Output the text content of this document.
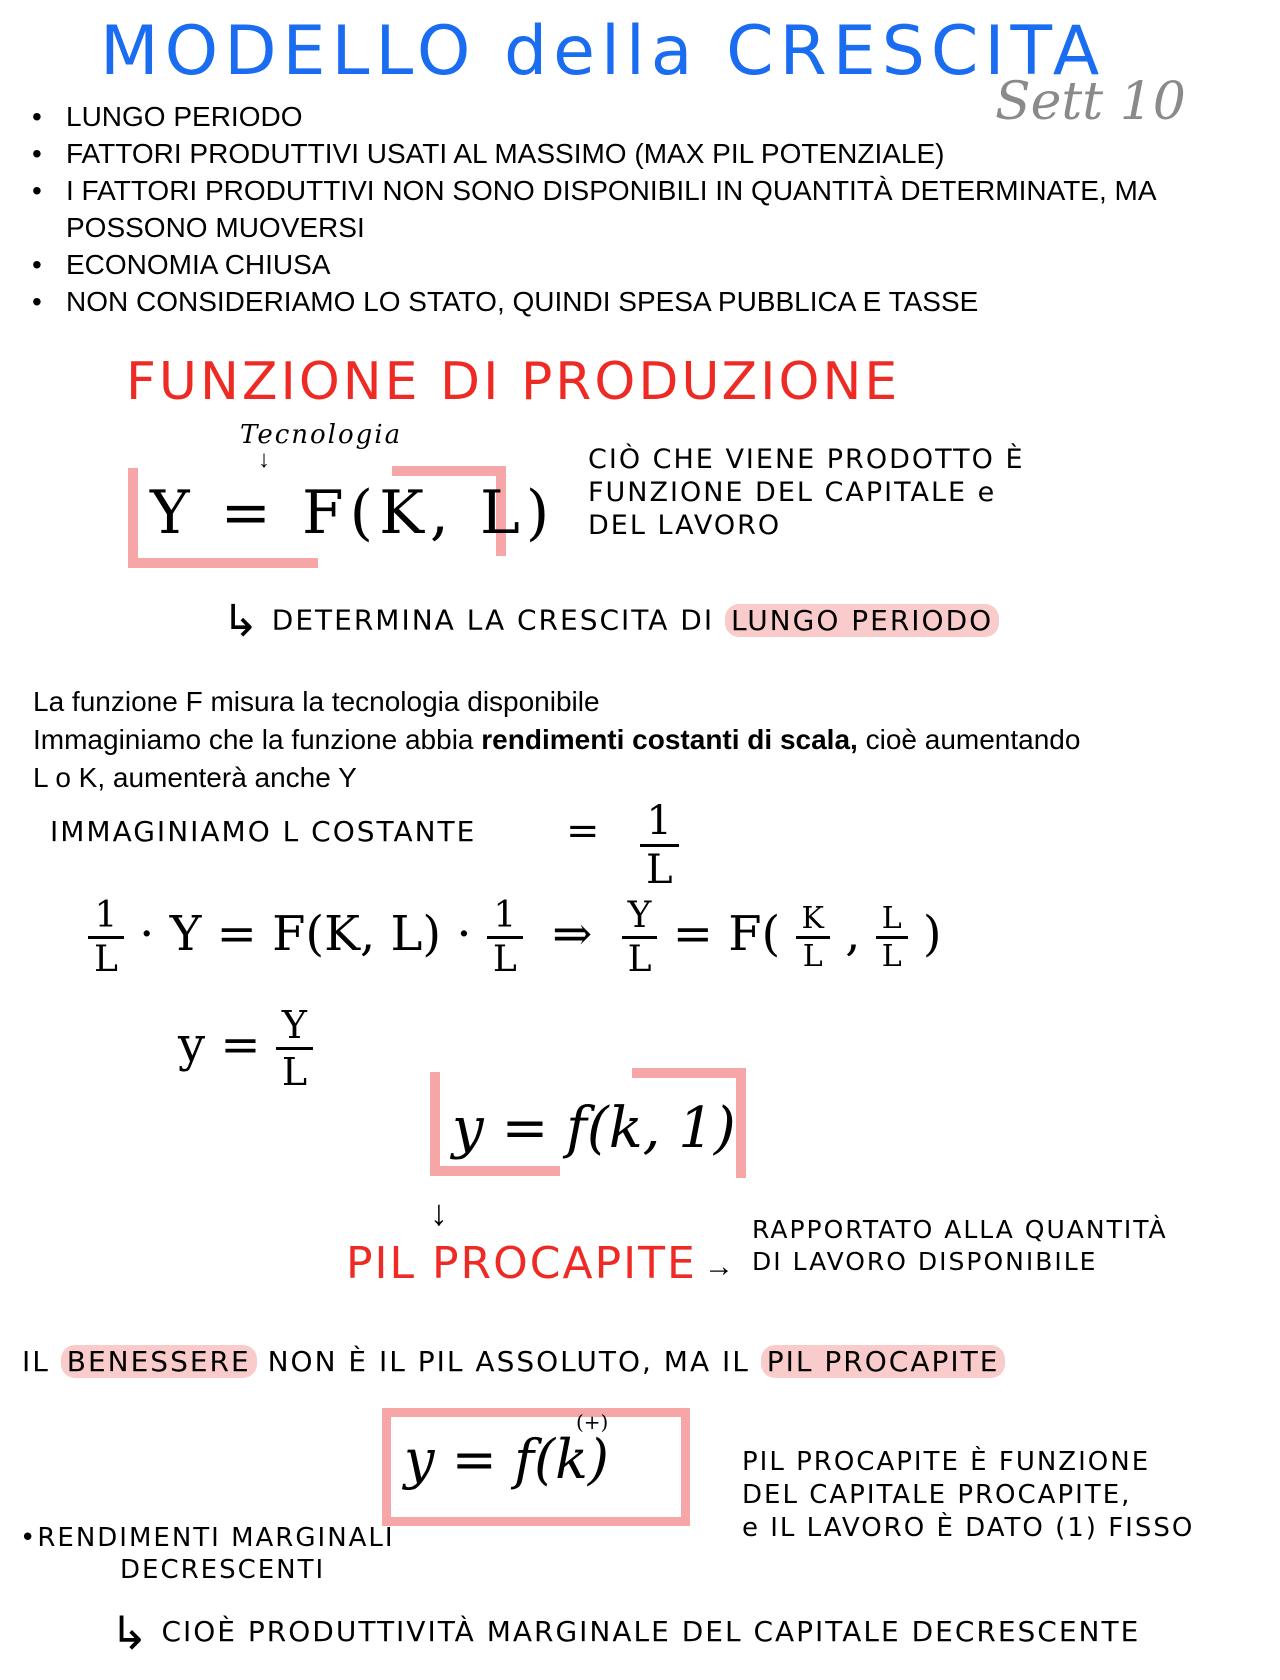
MODELLO della CRESCITA
Sett 10
• LUNGO PERIODO
• FATTORI PRODUTTIVI USATI AL MASSIMO (MAX PIL POTENZIALE)
• I FATTORI PRODUTTIVI NON SONO DISPONIBILI IN QUANTITÀ DETERMINATE, MA POSSONO MUOVERSI
• ECONOMIA CHIUSA
• NON CONSIDERIAMO LO STATO, QUINDI SPESA PUBBLICA E TASSE
FUNZIONE DI PRODUZIONE
Tecnologia
↓
Y = F(K, L)
CIÒ CHE VIENE PRODOTTO È
FUNZIONE DEL CAPITALE e
DEL LAVORO
↳ DETERMINA LA CRESCITA DI LUNGO PERIODO
La funzione F misura la tecnologia disponibile
Immaginiamo che la funzione abbia rendimenti costanti di scala, cioè aumentando
L o K, aumenterà anche Y
IMMAGINIAMO L COSTANTE = $\frac{1}{L}$
$\frac{1}{L} \cdot Y = F(K$, $L) \cdot \frac{1}{L}$ ⇒ $\frac{Y}{L} = F( \frac{K}{L}$ , $\frac{L}{L}$ )
$y = \frac{Y}{L}$
y = f(k, 1)
↓
PIL PROCAPITE →
RAPPORTATO ALLA QUANTITÀ
DI LAVORO DISPONIBILE
IL BENESSERE NON È IL PIL ASSOLUTO, MA IL PIL PROCAPITE
y = f(k)
(+)
PIL PROCAPITE È FUNZIONE
DEL CAPITALE PROCAPITE,
e IL LAVORO È DATO (1) FISSO
•RENDIMENTI MARGINALI
DECRESCENTI
↳ CIOÈ PRODUTTIVITÀ MARGINALE DEL CAPITALE DECRESCENTE
